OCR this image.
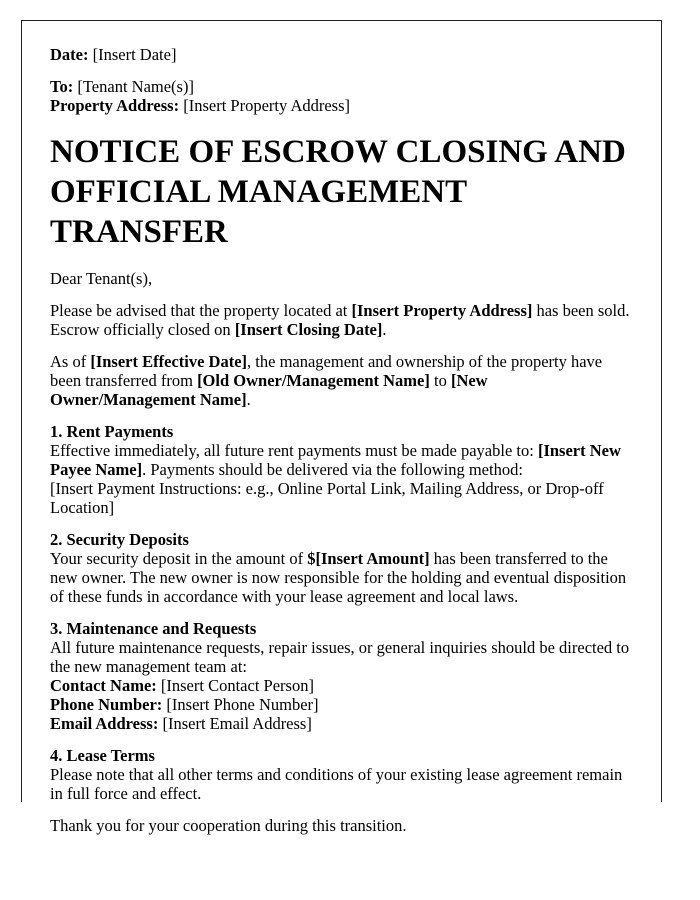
Date: [Insert Date]
To: [Tenant Name(s)]
Property Address: [Insert Property Address]
NOTICE OF ESCROW CLOSING AND OFFICIAL MANAGEMENT TRANSFER
Dear Tenant(s),
Please be advised that the property located at [Insert Property Address] has been sold. Escrow officially closed on [Insert Closing Date].
As of [Insert Effective Date], the management and ownership of the property have been transferred from [Old Owner/Management Name] to [New Owner/Management Name].
1. Rent Payments
Effective immediately, all future rent payments must be made payable to: [Insert New Payee Name]. Payments should be delivered via the following method:
[Insert Payment Instructions: e.g., Online Portal Link, Mailing Address, or Drop-off Location]
2. Security Deposits
Your security deposit in the amount of $[Insert Amount] has been transferred to the new owner. The new owner is now responsible for the holding and eventual disposition of these funds in accordance with your lease agreement and local laws.
3. Maintenance and Requests
All future maintenance requests, repair issues, or general inquiries should be directed to the new management team at:
Contact Name: [Insert Contact Person]
Phone Number: [Insert Phone Number]
Email Address: [Insert Email Address]
4. Lease Terms
Please note that all other terms and conditions of your existing lease agreement remain in full force and effect.
Thank you for your cooperation during this transition.
